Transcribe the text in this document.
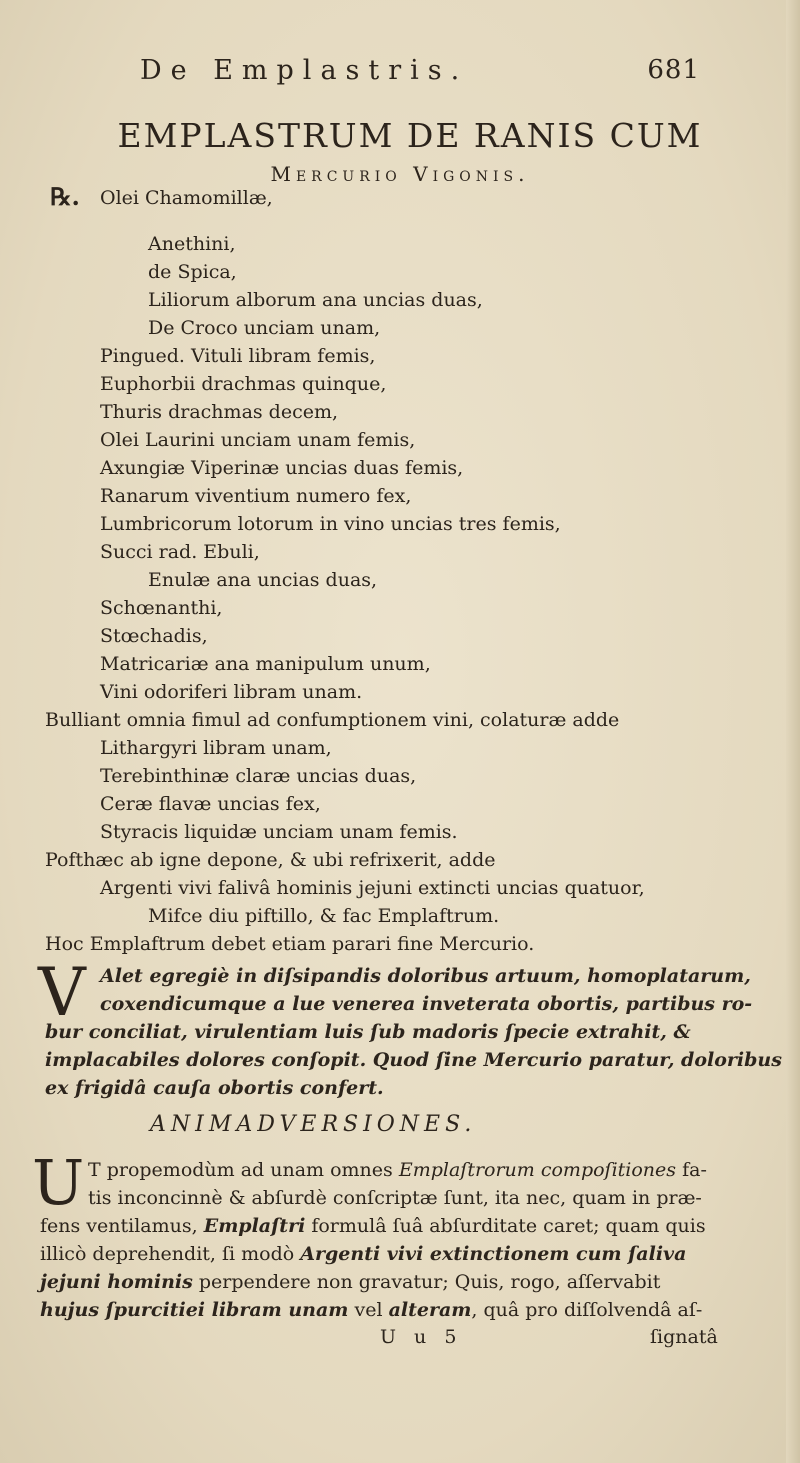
De Emplastris.	681
EMPLASTRUM DE RANIS CUM
Mercurio Vigonis.
℞. Olei Chamomillæ,
Anethini,
de Spica,
Liliorum alborum ana uncias duas,
De Croco unciam unam,
Pingued. Vituli libram femis,
Euphorbii drachmas quinque,
Thuris drachmas decem,
Olei Laurini unciam unam femis,
Axungiæ Viperinæ uncias duas femis,
Ranarum viventium numero fex,
Lumbricorum lotorum in vino uncias tres femis,
Succi rad. Ebuli,
Enulæ ana uncias duas,
Schœnanthi,
Stœchadis,
Matricariæ ana manipulum unum,
Vini odoriferi libram unam.
Bulliant omnia fimul ad confumptionem vini, colaturæ adde
Lithargyri libram unam,
Terebinthinæ claræ uncias duas,
Ceræ flavæ uncias fex,
Styracis liquidæ unciam unam femis.
Pofthæc ab igne depone, & ubi refrixerit, adde
Argenti vivi falivâ hominis jejuni extincti uncias quatuor,
Mifce diu piftillo, & fac Emplaftrum.
Hoc Emplaftrum debet etiam parari fine Mercurio.
V Alet egregiè in diſsipandis doloribus artuum, homoplatarum,
coxendicumque a lue venerea inveterata obortis, partibus ro-
bur conciliat, virulentiam luis ſub madoris ſpecie extrahit, &
implacabiles dolores conſopit. Quod ſine Mercurio paratur, doloribus
ex frigidâ cauſa obortis confert.
ANIMADVERSIONES.
U T propemodùm ad unam omnes Emplaſtrorum compoſitiones fa-
tis inconcinnè & abſurdè conſcriptæ ſunt, ita nec, quam in præ-
fens ventilamus, Emplaſtri formulâ ſuâ abſurditate caret; quam quis
illicò deprehendit, ſi modò Argenti vivi extinctionem cum ſaliva
jejuni hominis perpendere non gravatur; Quis, rogo, aſſervabit
hujus ſpurcitiei libram unam vel alteram, quâ pro diſſolvendâ aſ-
U u 5	ſignatâ
